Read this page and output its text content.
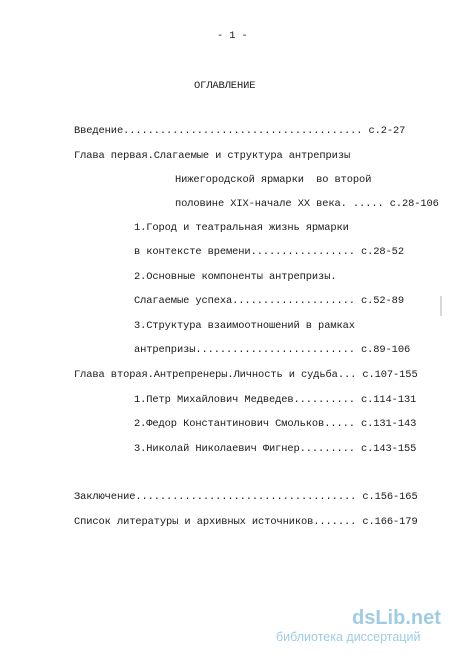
- 1 -
ОГЛАВЛЕНИЕ
Введение....................................... с.2-27
Глава первая.Слагаемые и структура антрепризы
Нижегородской ярмарки  во второй
половине XIX-начале XX века. ..... с.28-106
1.Город и театральная жизнь ярмарки
в контексте времени................. с.28-52
2.Основные компоненты антрепризы.
Слагаемые успеха.................... с.52-89
3.Структура взаимоотношений в рамках
антрепризы.......................... с.89-106
Глава вторая.Антрепренеры.Личность и судьба... с.107-155
1.Петр Михайлович Медведев.......... с.114-131
2.Федор Константинович Смольков..... с.131-143
3.Николай Николаевич Фигнер......... с.143-155
Заключение.................................... с.156-165
Список литературы и архивных источников....... с.166-179
dsLib.net
библиотека диссертаций
